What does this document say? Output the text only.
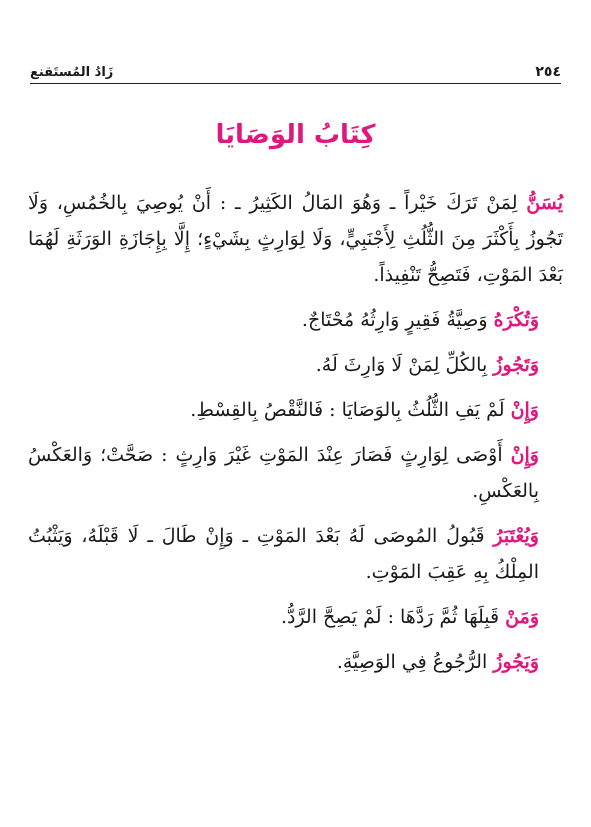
٢٥٤
زَادُ المُستَقنع
كِتَابُ الوَصَايَا

يُسَنُّ لِمَنْ تَرَكَ خَيْراً ـ وَهُوَ المَالُ الكَثِيرُ ـ : أَنْ يُوصِيَ بِالخُمُسِ، وَلَا تَجُوزُ بِأَكْثَرَ مِنَ الثُّلُثِ لِأَجْنَبِيٍّ، وَلَا لِوَارِثٍ بِشَيْءٍ؛ إِلَّا بِإِجَازَةِ الوَرَثَةِ لَهُمَا بَعْدَ المَوْتِ، فَتَصِحُّ تَنْفِيذاً.

وَتُكْرَهُ وَصِيَّةُ فَقِيرٍ وَارِثُهُ مُحْتَاجٌ.

وَتَجُوزُ بِالكُلِّ لِمَنْ لَا وَارِثَ لَهُ.

وَإِنْ لَمْ يَفِ الثُّلُثُ بِالوَصَايَا : فَالنَّقْصُ بِالقِسْطِ.

وَإِنْ أَوْصَى لِوَارِثٍ فَصَارَ عِنْدَ المَوْتِ غَيْرَ وَارِثٍ : صَحَّتْ؛ وَالعَكْسُ بِالعَكْسِ.

وَيُعْتَبَرُ قَبُولُ المُوصَى لَهُ بَعْدَ المَوْتِ ـ وَإِنْ طَالَ ـ لَا قَبْلَهُ، وَيَثْبُتُ المِلْكُ بِهِ عَقِبَ المَوْتِ.

وَمَنْ قَبِلَهَا ثُمَّ رَدَّهَا : لَمْ يَصِحَّ الرَّدُّ.

وَيَجُوزُ الرُّجُوعُ فِي الوَصِيَّةِ.
